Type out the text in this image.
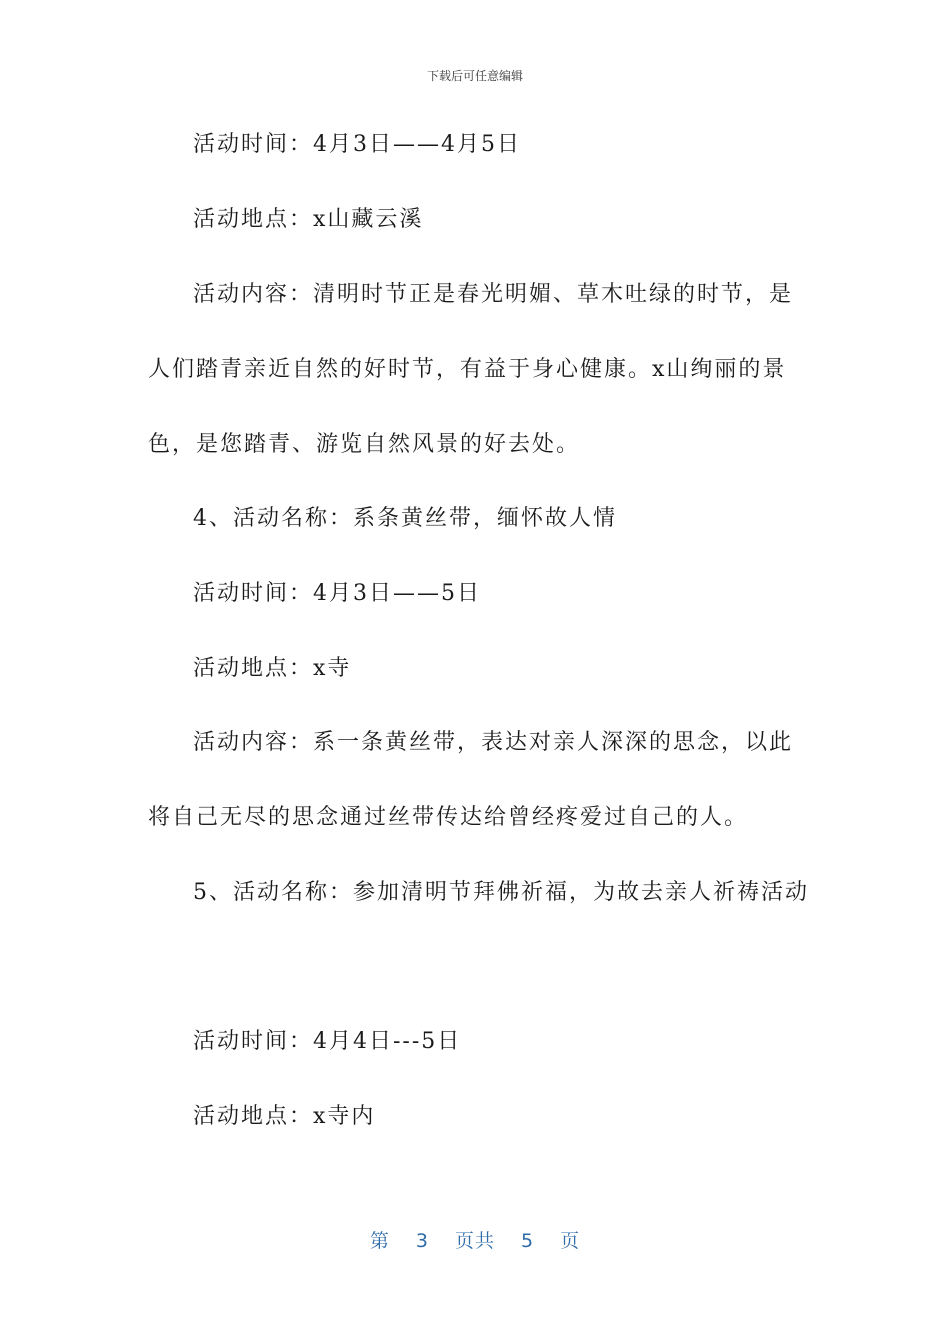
下载后可任意编辑
活动时间：4月3日——4月5日
活动地点：x山藏云溪
活动内容：清明时节正是春光明媚、草木吐绿的时节，是
人们踏青亲近自然的好时节，有益于身心健康。x山绚丽的景
色，是您踏青、游览自然风景的好去处。
4、活动名称：系条黄丝带，缅怀故人情
活动时间：4月3日——5日
活动地点：x寺
活动内容：系一条黄丝带，表达对亲人深深的思念，以此
将自己无尽的思念通过丝带传达给曾经疼爱过自己的人。
5、活动名称：参加清明节拜佛祈福，为故去亲人祈祷活动
活动时间：4月4日---5日
活动地点：x寺内
第 3 页共 5 页
